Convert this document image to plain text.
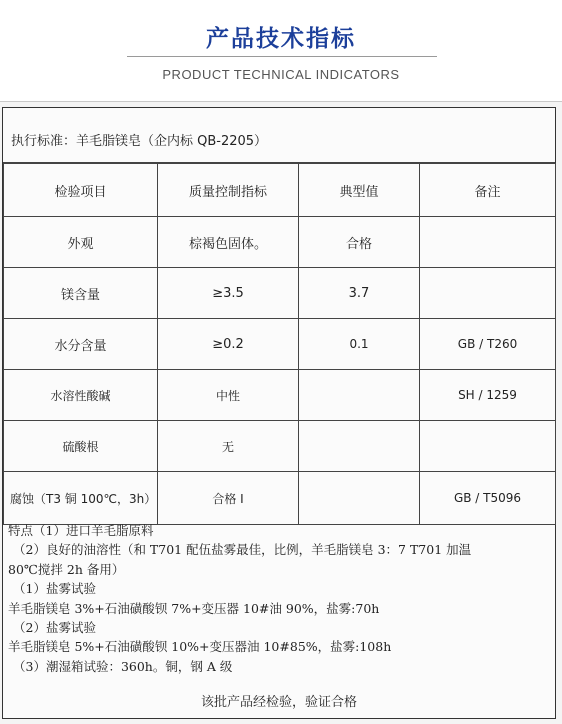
产品技术指标
PRODUCT TECHNICAL INDICATORS
执行标准：羊毛脂镁皂（企内标 QB-2205）
检验项目	质量控制指标	典型值	备注
外观	棕褐色固体。	合格	
镁含量	≥3.5	3.7	
水分含量	≥0.2	0.1	GB / T260
水溶性酸碱	中性		SH / 1259
硫酸根	无		
腐蚀（T3 铜 100℃，3h）	合格 I		GB / T5096
特点（1）进口羊毛脂原料
（2）良好的油溶性（和 T701 配伍盐雾最佳，比例，羊毛脂镁皂 3：7 T701 加温
80℃搅拌 2h 备用）
（1）盐雾试验
羊毛脂镁皂 3%+石油磺酸钡 7%+变压器 10#油 90%，盐雾:70h
（2）盐雾试验
羊毛脂镁皂 5%+石油磺酸钡 10%+变压器油 10#85%，盐雾:108h
（3）潮湿箱试验：360h。铜，钢 A 级
该批产品经检验，验证合格
